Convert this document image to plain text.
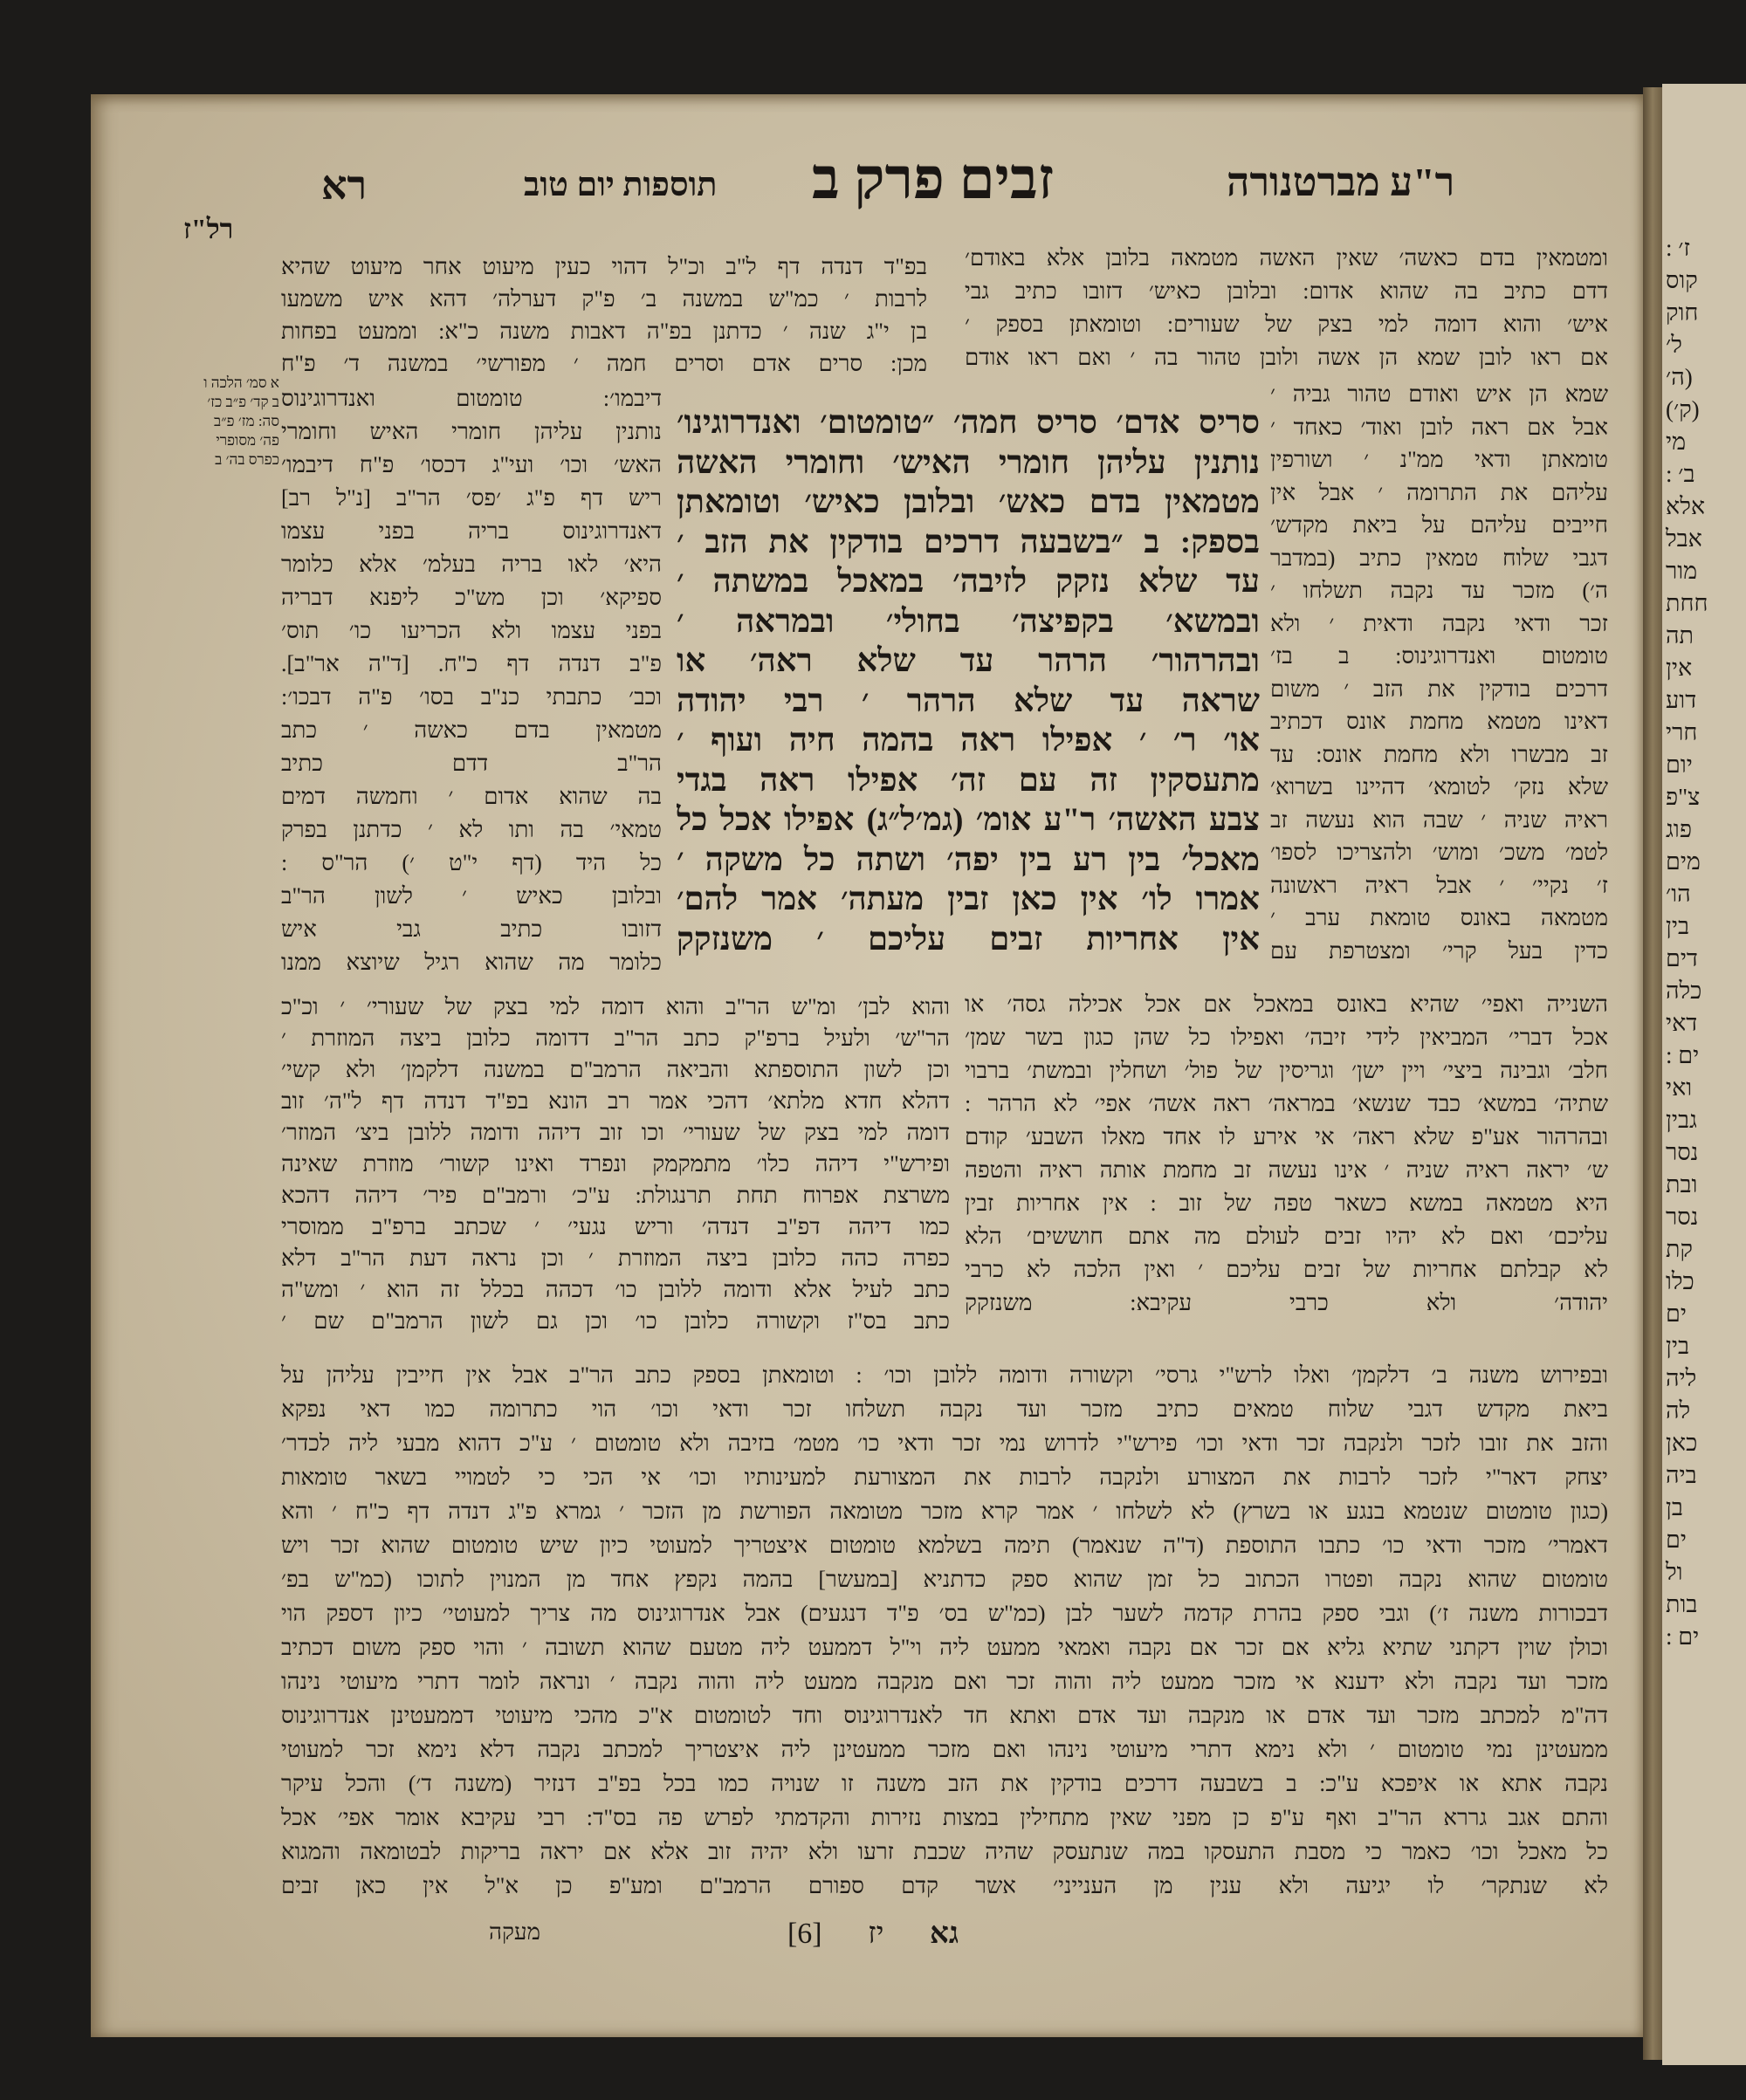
ז׳ :
קוס
חוק
ל׳
(ה׳
(ק׳)
מי
ב׳ :
אלא
אבל
מור
חחת
תה
אין
דוע
חרי
יום
צ"פ
פוג
מים
הו׳
בין
דים
כלה
דאי
ים :
ואי
גבין
נסר
ובת
נסר
קת
כלו
ים
בין
ליה
לה
כאן
ביה
בן
ים
ול
בות
ים :
ר"ע מברטנורה
זבים פרק ב
תוספות יום טוב
רא
רל"ז
ומטמאין בדם כאשה׳ שאין האשה מטמאה בלובן אלא באודם׳
דדם כתיב בה שהוא אדום: ובלובן כאיש׳ דזובו כתיב גבי
איש׳ והוא דומה למי בצק של שעורים: וטומאתן בספק ׳
אם ראו לובן שמא הן אשה ולובן טהור בה ׳ ואם ראו אודם
שמא הן איש ואודם טהור גביה ׳
אבל אם ראה לובן ואוד׳ כאחד ׳
טומאתן ודאי ממ"נ ׳ ושורפין
עליהם את התרומה ׳ אבל אין
חייבים עליהם על ביאת מקדש׳
דגבי שלוח טמאין כתיב (במדבר
ה׳) מזכר עד נקבה תשלחו ׳
זכר ודאי נקבה ודאית ׳ ולא
טומטום ואנדרוגינוס: ב בז׳
דרכים בודקין את הזב ׳ משום
דאינו מטמא מחמת אונס דכתיב
זב מבשרו ולא מחמת אונס: עד
שלא נזק׳ לטומא׳ דהיינו בשרוא׳
ראיה שניה ׳ שבה הוא נעשה זב
לטמ׳ משכ׳ ומוש׳ ולהצריכו לספו׳
ז׳ נקיי׳ ׳ אבל ראיה ראשונה
מטמאה באונס טומאת ערב ׳
כדין בעל קרי׳ ומצטרפת עם
השנייה ואפי׳ שהיא באונס במאכל אם אכל אכילה גסה׳ או
אכל דברי׳ המביאין לידי זיבה׳ ואפילו כל שהן כגון בשר שמן׳
חלב׳ וגבינה ביצי׳ ויין ישן׳ וגריסין של פול׳ ושחלין ובמשת׳ ברבוי
שתיה׳ במשא׳ כבד שנשא׳ במראה׳ ראה אשה׳ אפי׳ לא הרהר :
ובהרהור אע"פ שלא ראה׳ אי אירע לו אחד מאלו השבע׳ קודם
ש׳ יראה ראיה שניה ׳ אינו נעשה זב מחמת אותה ראיה והטפה
היא מטמאה במשא כשאר טפה של זוב : אין אחריות זבין
עליכם׳ ואם לא יהיו זבים לעולם מה אתם חוששים׳ הלא
לא קבלתם אחריות של זבים עליכם ׳ ואין הלכה לא כרבי
יהודה׳ ולא כרבי עקיבא: משנזקק
בפ"ד דנדה דף ל"ב וכ"ל דהוי כעין מיעוט אחר מיעוט שהיא
לרבות ׳ כמ"ש במשנה ב׳ פ"ק דערלה׳ דהא איש משמעו
בן י"ג שנה ׳ כדתנן בפ"ה דאבות משנה כ"א: וממעט בפחות
מכן: סרים אדם וסרים חמה ׳ מפורשי׳ במשנה ד׳ פ"ח
דיבמו׳: טומטום ואנדרוגינוס
נותנין עליהן חומרי האיש וחומרי
האש׳ וכו׳ ועי"ג דכסו׳ פ"ח דיבמו׳
ריש דף פ"ג ׳פס׳ הר"ב [נ"ל רב]
דאנדרוגינוס בריה בפני עצמו
היא׳ לאו בריה בעלמ׳ אלא כלומר
ספיקא׳ וכן מש"כ ליפנא דבריה
בפני עצמו ולא הכריעו כו׳ תוס׳
פ"ב דנדה דף כ"ח. [ד"ה אר"ב].
וכב׳ כתבתי כנ"ב בסו׳ פ"ה דבכו׳:
מטמאין בדם כאשה ׳ כתב
הר"ב דדם כתיב
בה שהוא אדום ׳ וחמשה דמים
טמאי׳ בה ותו לא ׳ כדתנן בפרק
כל היד (דף י"ט ׳) הר"ס :
ובלובן כאיש ׳ לשון הר"ב
דזובו כתיב גבי איש
כלומר מה שהוא רגיל שיוצא ממנו
והוא לבן׳ ומ"ש הר"ב והוא דומה למי בצק של שעורי׳ ׳ וכ"כ
הר"ש׳ ולעיל ברפ"ק כתב הר"ב דדומה כלובן ביצה המוזרת ׳
וכן לשון התוספתא והביאה הרמב"ם במשנה דלקמן׳ ולא קשי׳
דהלא חדא מלתא׳ דהכי אמר רב הונא בפ"ד דנדה דף ל"ה׳ זוב
דומה למי בצק של שעורי׳ וכו זוב דיהה ודומה ללובן ביצ׳ המוזר׳
ופירש"י דיהה כלו׳ מתמקמק ונפרד ואינו קשור׳ מוזרת שאינה
משרצת אפרוח תחת תרנגולת: ע"כ׳ ורמב"ם פיר׳ דיהה דהכא
כמו דיהה דפ"ב דנדה׳ וריש נגעי׳ ׳ שכתב ברפ"ב ממוסרי
כפרה כהה כלובן ביצה המוזרת ׳ וכן נראה דעת הר"ב דלא
כתב לעיל אלא ודומה ללובן כו׳ דכהה בכלל זה הוא ׳ ומש"ה
כתב בס"ז וקשורה כלובן כו׳ וכן גם לשון הרמב"ם שם ׳
סריס אדם׳ סריס חמה׳ ״טומטום׳ ואנדרוגינו׳
נותנין עליהן חומרי האיש׳ וחומרי האשה
מטמאין בדם כאש׳ ובלובן כאיש׳ וטומאתן
בספק: ב ״בשבעה דרכים בודקין את הזב ׳
עד שלא נזקק לזיבה׳ במאכל במשתה ׳
ובמשא׳ בקפיצה׳ בחולי׳ ובמראה ׳
ובהרהור׳ הרהר עד שלא ראה׳ או
שראה עד שלא הרהר ׳ רבי יהודה
או׳ ר׳ ׳ אפילו ראה בהמה חיה ועוף ׳
מתעסקין זה עם זה׳ אפילו ראה בגדי
צבע האשה׳ ר"ע אומ׳ (גמ׳ל״ג) אפילו אכל כל
מאכל׳ בין רע בין יפה׳ ושתה כל משקה ׳
אמרו לו׳ אין כאן זבין מעתה׳ אמר להם׳
אין אחריות זבים עליכם ׳ משנזקק
א סמ׳ הלכה ו
ב קד׳ פ״ב כז׳
סה: מז׳ פ״ב
פה׳ מסופרי
כפרס בה׳ ב
ובפירוש משנה ב׳ דלקמן׳ ואלו לרש"י גרסי׳ וקשורה ודומה ללובן וכו׳ : וטומאתן בספק כתב הר"ב אבל אין חייבין עליהן על
ביאת מקדש דגבי שלוח טמאים כתיב מזכר ועד נקבה תשלחו זכר ודאי וכו׳ הוי כתרומה כמו דאי נפקא
והזב את זובו לזכר ולנקבה זכר ודאי וכו׳ פירש"י לדרוש נמי זכר ודאי כו׳ מטמ׳ בזיבה ולא טומטום ׳ ע"כ דהוא מבעי ליה לכדר׳
יצחק דאר"י לזכר לרבות את המצורע ולנקבה לרבות את המצורעת למעינותיו וכו׳ אי הכי כי לטמויי בשאר טומאות
(כגון טומטום שנטמא בנגע או בשרץ) לא לשלחו ׳ אמר קרא מזכר מטומאה הפורשת מן הזכר ׳ גמרא פ"ג דנדה דף כ"ח ׳ והא
דאמרי׳ מזכר ודאי כו׳ כתבו התוספת (ד"ה שנאמר) תימה בשלמא טומטום איצטריך למעוטי כיון שיש טומטום שהוא זכר ויש
טומטום שהוא נקבה ופטרו הכתוב כל זמן שהוא ספק כדתניא [במעשר] בהמה נקפץ אחד מן המנוין לתוכו (כמ"ש בפ׳
דבכורות משנה ז׳) וגבי ספק בהרת קדמה לשער לבן (כמ"ש בס׳ פ"ד דנגעים) אבל אנדרוגינוס מה צריך למעוטי׳ כיון דספק הוי
וכולן שוין דקתני שתיא גליא אם זכר אם נקבה ואמאי ממעט ליה וי"ל דממעט ליה מטעם שהוא תשובה ׳ והוי ספק משום דכתיב
מזכר ועד נקבה ולא ידענא אי מזכר ממעט ליה והוה זכר ואם מנקבה ממעט ליה והוה נקבה ׳ ונראה לומר דתרי מיעוטי נינהו
דה"מ למכתב מזכר ועד אדם או מנקבה ועד אדם ואתא חד לאנדרוגינוס וחד לטומטום א"כ מהכי מיעוטי דממעטינן אנדרוגינוס
ממעטינן נמי טומטום ׳ ולא נימא דתרי מיעוטי נינהו ואם מזכר ממעטינן ליה איצטריך למכתב נקבה דלא נימא זכר למעוטי
נקבה אתא או איפכא ע"כ: ב בשבעה דרכים בודקין את הזב משנה זו שנויה כמו בכל בפ"ב דנזיר (משנה ד׳) והכל עיקר
והתם אגב גררא הר"ב ואף ע"פ כן מפני שאין מתחילין במצות נזירות והקדמתי לפרש פה בס"ד: רבי עקיבא אומר אפי׳ אכל
כל מאכל וכו׳ כאמר כי מסבת התעסקו במה שנתעסק שהיה שכבת זרעו ולא יהיה זוב אלא אם יראה בריקות לבטומאה והמגוא
לא שנתקר׳ לו יגיעה ולא ענין מן הענייני׳ אשר קדם ספורם הרמב"ם ומע"פ כן א"ל אין כאן זבים
מעקה	[6]	גא יז
